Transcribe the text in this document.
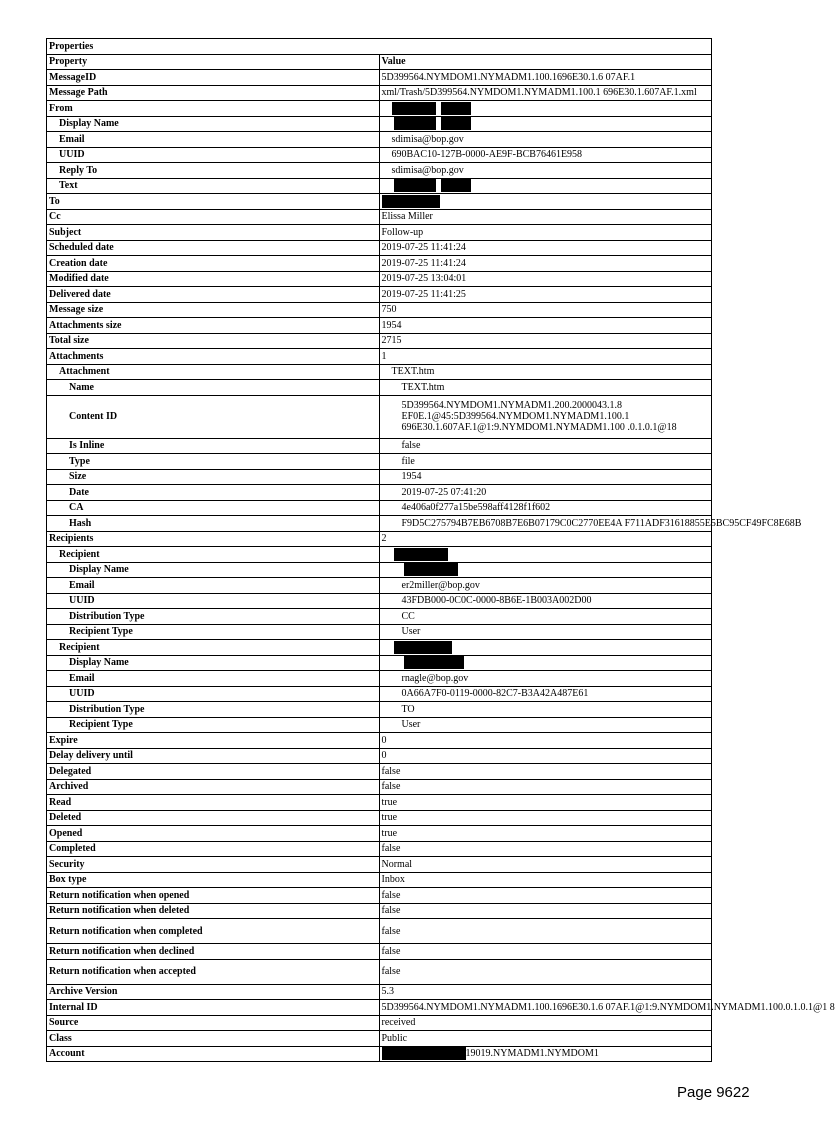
Properties	
Property	Value
MessageID	5D399564.NYMDOM1.NYMADM1.100.1696E30.1.6 07AF.1
Message Path	xml/Trash/5D399564.NYMDOM1.NYMADM1.100.1 696E30.1.607AF.1.xml
From	
Display Name	
Email	sdimisa@bop.gov
UUID	690BAC10-127B-0000-AE9F-BCB76461E958
Reply To	sdimisa@bop.gov
Text	
To	
Cc	Elissa Miller
Subject	Follow-up
Scheduled date	2019-07-25 11:41:24
Creation date	2019-07-25 11:41:24
Modified date	2019-07-25 13:04:01
Delivered date	2019-07-25 11:41:25
Message size	750
Attachments size	1954
Total size	2715
Attachments	1
Attachment	TEXT.htm
Name	TEXT.htm
Content ID	5D399564.NYMDOM1.NYMADM1.200.2000043.1.8
EF0E.1@45:5D399564.NYMDOM1.NYMADM1.100.1
696E30.1.607AF.1@1:9.NYMDOM1.NYMADM1.100 .0.1.0.1@18

Is Inline	false
Type	file
Size	1954
Date	2019-07-25 07:41:20
CA	4e406a0f277a15be598aff4128f1f602
Hash	F9D5C275794B7EB6708B7E6B07179C0C2770EE4A F711ADF31618855E5BC95CF49FC8E68B
Recipients	2
Recipient	
Display Name	
Email	er2miller@bop.gov
UUID	43FDB000-0C0C-0000-8B6E-1B003A002D00
Distribution Type	CC
Recipient Type	User
Recipient	
Display Name	
Email	rnagle@bop.gov
UUID	0A66A7F0-0119-0000-82C7-B3A42A487E61
Distribution Type	TO
Recipient Type	User
Expire	0
Delay delivery until	0
Delegated	false
Archived	false
Read	true
Deleted	true
Opened	true
Completed	false
Security	Normal
Box type	Inbox
Return notification when opened	false
Return notification when deleted	false
Return notification when completed	false
Return notification when declined	false
Return notification when accepted	false
Archive Version	5.3
Internal ID	5D399564.NYMDOM1.NYMADM1.100.1696E30.1.6 07AF.1@1:9.NYMDOM1.NYMADM1.100.0.1.0.1@1 8
Source	received
Class	Public
Account	19019.NYMADM1.NYMDOM1
Page 9622
